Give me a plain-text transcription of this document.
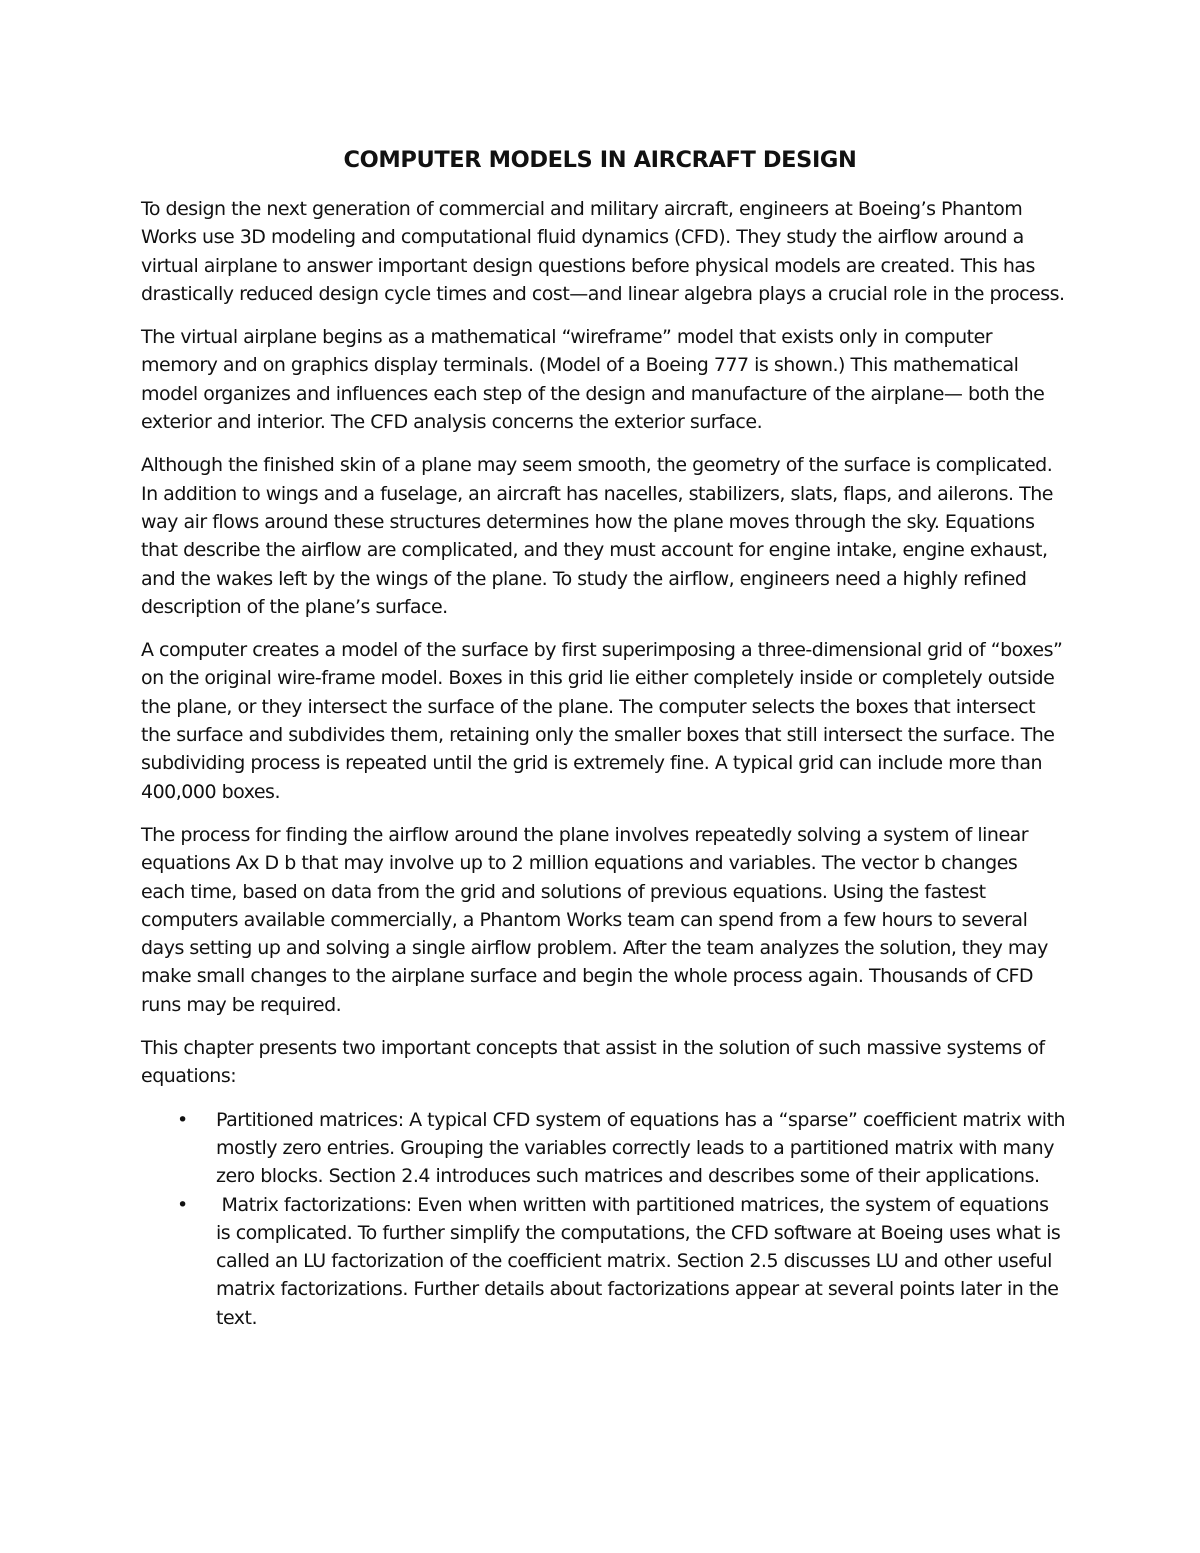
COMPUTER MODELS IN AIRCRAFT DESIGN

To design the next generation of commercial and military aircraft, engineers at Boeing’s Phantom Works use 3D modeling and computational fluid dynamics (CFD). They study the airflow around a virtual airplane to answer important design questions before physical models are created. This has drastically reduced design cycle times and cost—and linear algebra plays a crucial role in the process.

The virtual airplane begins as a mathematical “wireframe” model that exists only in computer memory and on graphics display terminals. (Model of a Boeing 777 is shown.) This mathematical model organizes and influences each step of the design and manufacture of the airplane— both the exterior and interior. The CFD analysis concerns the exterior surface.

Although the finished skin of a plane may seem smooth, the geometry of the surface is complicated. In addition to wings and a fuselage, an aircraft has nacelles, stabilizers, slats, flaps, and ailerons. The way air flows around these structures determines how the plane moves through the sky. Equations that describe the airflow are complicated, and they must account for engine intake, engine exhaust, and the wakes left by the wings of the plane. To study the airflow, engineers need a highly refined description of the plane’s surface.

A computer creates a model of the surface by first superimposing a three-dimensional grid of “boxes” on the original wire-frame model. Boxes in this grid lie either completely inside or completely outside the plane, or they intersect the surface of the plane. The computer selects the boxes that intersect the surface and subdivides them, retaining only the smaller boxes that still intersect the surface. The subdividing process is repeated until the grid is extremely fine. A typical grid can include more than 400,000 boxes.

The process for finding the airflow around the plane involves repeatedly solving a system of linear equations Ax D b that may involve up to 2 million equations and variables. The vector b changes each time, based on data from the grid and solutions of previous equations. Using the fastest computers available commercially, a Phantom Works team can spend from a few hours to several days setting up and solving a single airflow problem. After the team analyzes the solution, they may make small changes to the airplane surface and begin the whole process again. Thousands of CFD runs may be required.

This chapter presents two important concepts that assist in the solution of such massive systems of equations:

• Partitioned matrices: A typical CFD system of equations has a “sparse” coefficient matrix with mostly zero entries. Grouping the variables correctly leads to a partitioned matrix with many zero blocks. Section 2.4 introduces such matrices and describes some of their applications.
• Matrix factorizations: Even when written with partitioned matrices, the system of equations is complicated. To further simplify the computations, the CFD software at Boeing uses what is called an LU factorization of the coefficient matrix. Section 2.5 discusses LU and other useful matrix factorizations. Further details about factorizations appear at several points later in the text.
